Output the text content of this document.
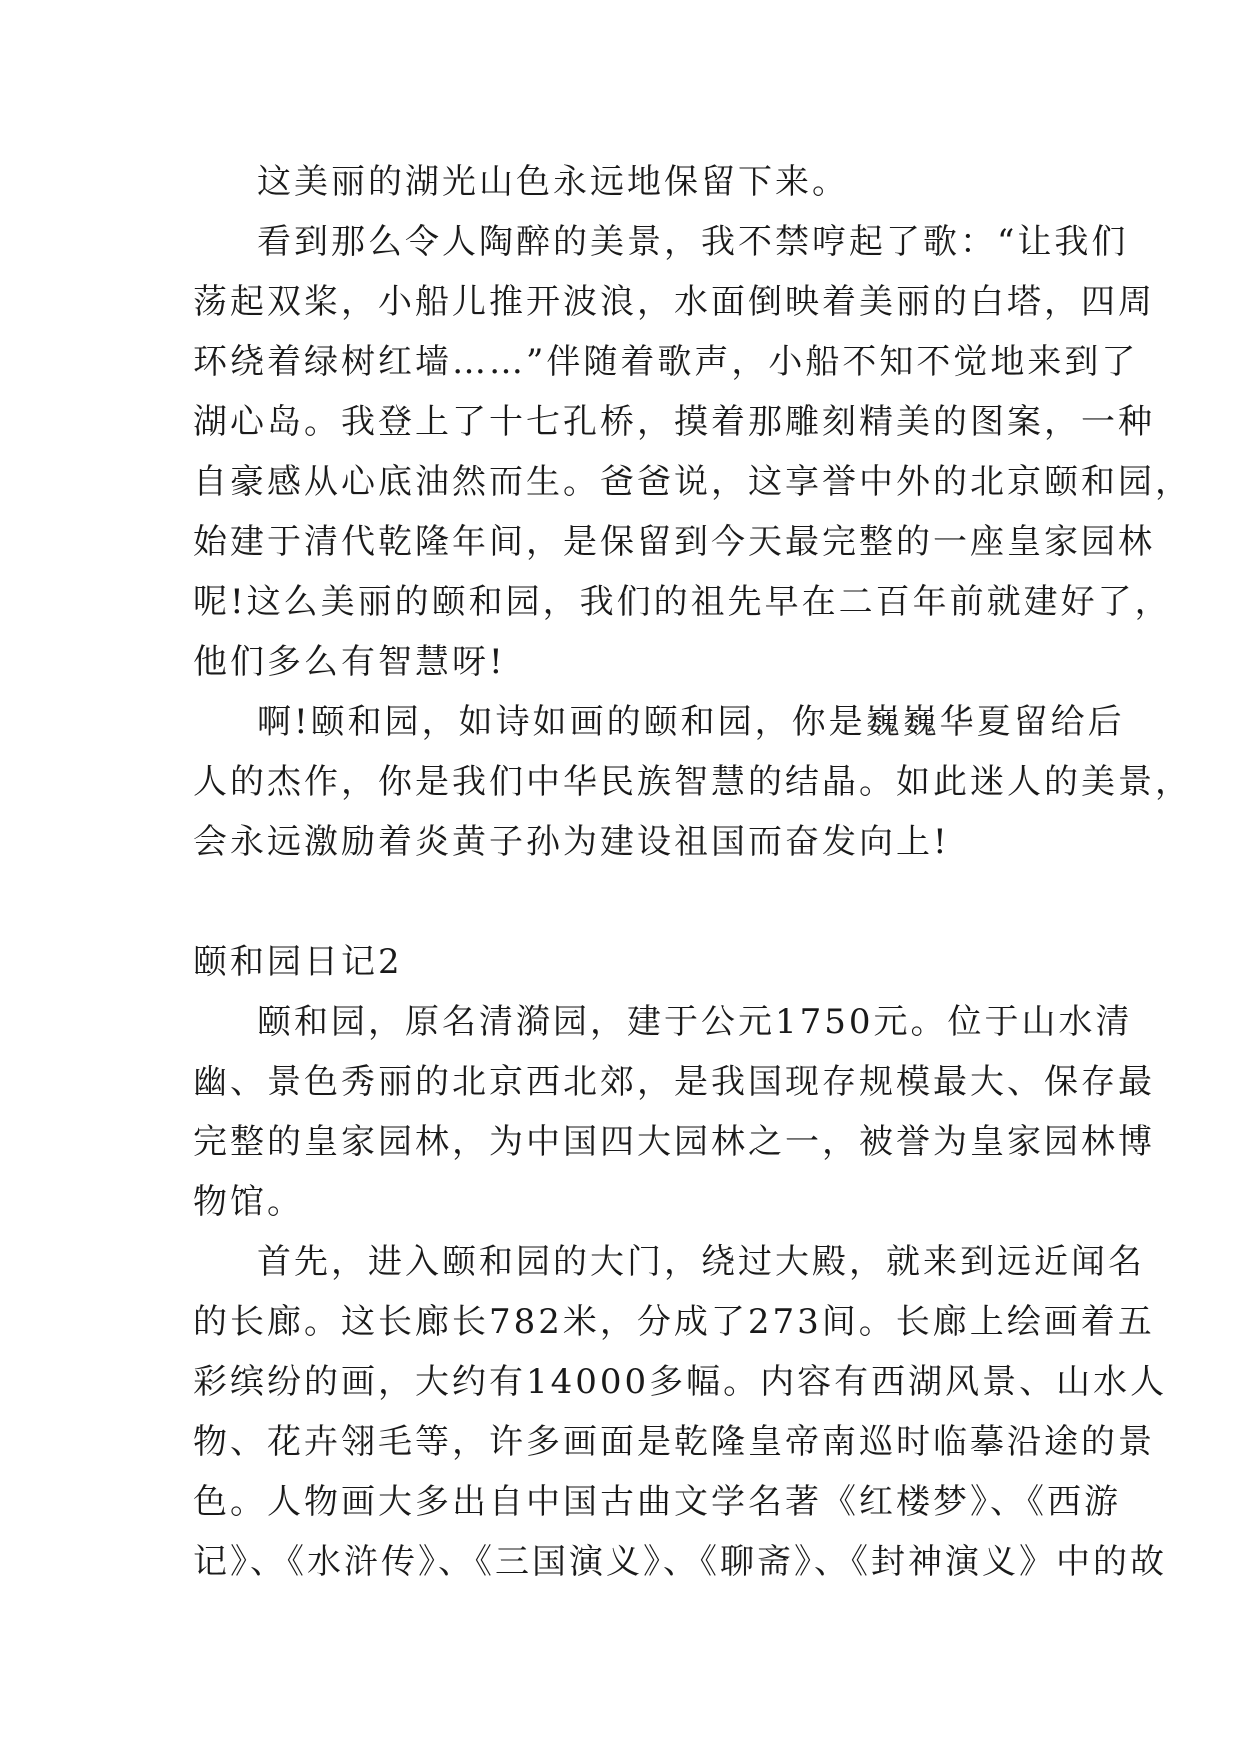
这美丽的湖光山色永远地保留下来。
看到那么令人陶醉的美景，我不禁哼起了歌：“让我们
荡起双桨，小船儿推开波浪，水面倒映着美丽的白塔，四周
环绕着绿树红墙……”伴随着歌声，小船不知不觉地来到了
湖心岛。我登上了十七孔桥，摸着那雕刻精美的图案，一种
自豪感从心底油然而生。爸爸说，这享誉中外的北京颐和园，
始建于清代乾隆年间，是保留到今天最完整的一座皇家园林
呢!这么美丽的颐和园，我们的祖先早在二百年前就建好了，
他们多么有智慧呀!
啊!颐和园，如诗如画的颐和园，你是巍巍华夏留给后
人的杰作，你是我们中华民族智慧的结晶。如此迷人的美景，
会永远激励着炎黄子孙为建设祖国而奋发向上!
颐和园日记2
颐和园，原名清漪园，建于公元1750元。位于山水清
幽、景色秀丽的北京西北郊，是我国现存规模最大、保存最
完整的皇家园林，为中国四大园林之一，被誉为皇家园林博
物馆。
首先，进入颐和园的大门，绕过大殿，就来到远近闻名
的长廊。这长廊长782米，分成了273间。长廊上绘画着五
彩缤纷的画，大约有14000多幅。内容有西湖风景、山水人
物、花卉翎毛等，许多画面是乾隆皇帝南巡时临摹沿途的景
色。人物画大多出自中国古曲文学名著《红楼梦》、《西游
记》、《水浒传》、《三国演义》、《聊斋》、《封神演义》中的故
